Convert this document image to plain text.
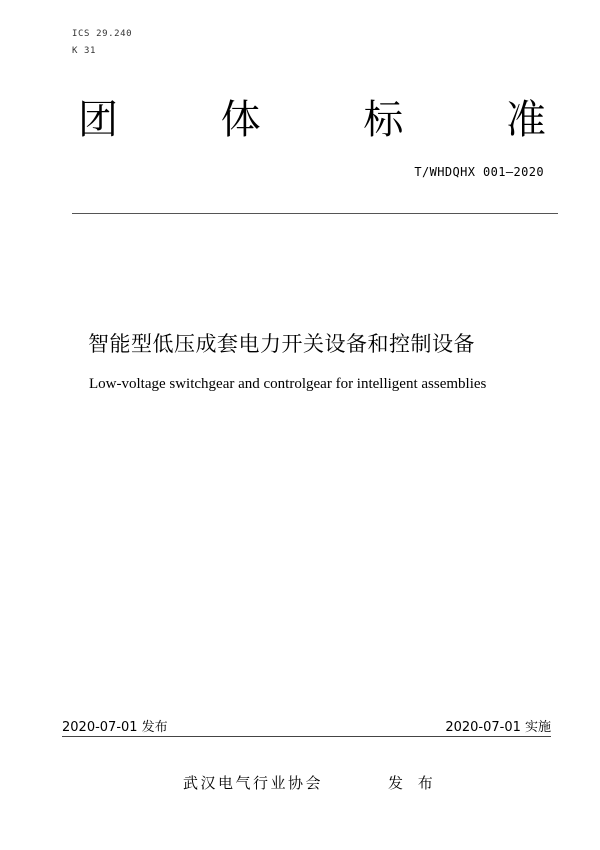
ICS 29.240
K 31
团	体	标	准
T/WHDQHX 001—2020
智能型低压成套电力开关设备和控制设备
Low-voltage switchgear and controlgear for intelligent assemblies
2020-07-01 发布	2020-07-01 实施
武汉电气行业协会	发 布
